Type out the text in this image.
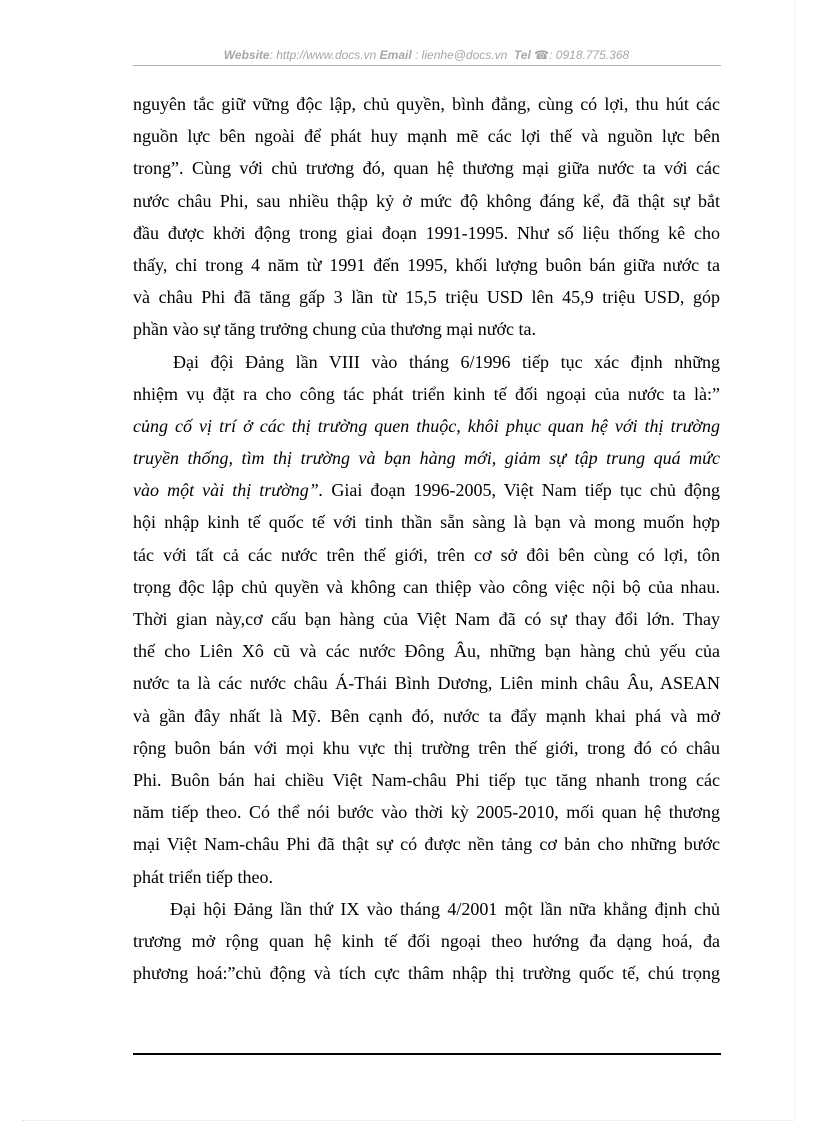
Website: http://www.docs.vn Email : lienhe@docs.vn Tel ☎: 0918.775.368
nguyên tắc giữ vững độc lập, chủ quyền, bình đẳng, cùng có lợi, thu hút các
nguồn lực bên ngoài để phát huy mạnh mẽ các lợi thế và nguồn lực bên
trong”. Cùng với chủ trương đó, quan hệ thương mại giữa nước ta với các
nước châu Phi, sau nhiều thập kỷ ở mức độ không đáng kể, đã thật sự bắt
đầu được khởi động trong giai đoạn 1991-1995. Như số liệu thống kê cho
thấy, chỉ trong 4 năm từ 1991 đến 1995, khối lượng buôn bán giữa nước ta
và châu Phi đã tăng gấp 3 lần từ 15,5 triệu USD lên 45,9 triệu USD, góp
phần vào sự tăng trưởng chung của thương mại nước ta.
Đại đội Đảng lần VIII vào tháng 6/1996 tiếp tục xác định những
nhiệm vụ đặt ra cho công tác phát triển kinh tế đối ngoại của nước ta là:”
củng cố vị trí ở các thị trường quen thuộc, khôi phục quan hệ với thị trường
truyền thống, tìm thị trường và bạn hàng mới, giảm sự tập trung quá mức
vào một vài thị trường”. Giai đoạn 1996-2005, Việt Nam tiếp tục chủ động
hội nhập kinh tế quốc tế với tinh thần sẵn sàng là bạn và mong muốn hợp
tác với tất cả các nước trên thế giới, trên cơ sở đôi bên cùng có lợi, tôn
trọng độc lập chủ quyền và không can thiệp vào công việc nội bộ của nhau.
Thời gian này,cơ cấu bạn hàng của Việt Nam đã có sự thay đổi lớn. Thay
thế cho Liên Xô cũ và các nước Đông Âu, những bạn hàng chủ yếu của
nước ta là các nước châu Á-Thái Bình Dương, Liên minh châu Âu, ASEAN
và gần đây nhất là Mỹ. Bên cạnh đó, nước ta đẩy mạnh khai phá và mở
rộng buôn bán với mọi khu vực thị trường trên thế giới, trong đó có châu
Phi. Buôn bán hai chiều Việt Nam-châu Phi tiếp tục tăng nhanh trong các
năm tiếp theo. Có thể nói bước vào thời kỳ 2005-2010, mối quan hệ thương
mại Việt Nam-châu Phi đã thật sự có được nền tảng cơ bản cho những bước
phát triển tiếp theo.
Đại hội Đảng lần thứ IX vào tháng 4/2001 một lần nữa khẳng định chủ
trương mở rộng quan hệ kinh tế đối ngoại theo hướng đa dạng hoá, đa
phương hoá:”chủ động và tích cực thâm nhập thị trường quốc tế, chú trọng
